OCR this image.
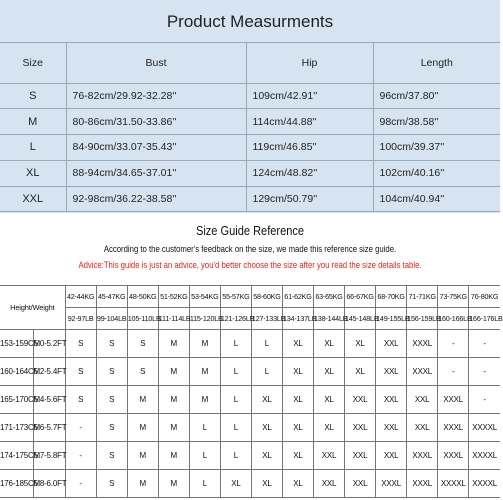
Product Measurments
Size	Bust	Hip	Length
S	76-82cm/29.92-32.28''	109cm/42.91''	96cm/37.80''
M	80-86cm/31.50-33.86''	114cm/44.88''	98cm/38.58''
L	84-90cm/33.07-35.43''	119cm/46.85''	100cm/39.37''
XL	88-94cm/34.65-37.01''	124cm/48.82''	102cm/40.16''
XXL	92-98cm/36.22-38.58''	129cm/50.79''	104cm/40.94''
Size Guide Reference
According to the customer's feedback on the size, we made this reference size guide.
Advice:This guide is just an advice, you'd better choose the size after you read the size details table.
Height/Weight		42-44KG	45-47KG	48-50KG	51-52KG	53-54KG	55-57KG	58-60KG	61-62KG	63-65KG	66-67KG	68-70KG	71-71KG	73-75KG	76-80KG
		92-97LB	99-104LB	105-110LB	111-114LB	115-120LB	121-126LB	127-133LB	134-137LB	138-144LB	145-148LB	149-155LB	156-159LB	160-166LB	166-176LB
153-159CM	5.0-5.2FT	S	S	S	M	M	L	L	XL	XL	XL	XXL	XXXL	-	-
160-164CM	5.2-5.4FT	S	S	S	M	M	L	L	XL	XL	XL	XXL	XXXL	-	-
165-170CM	5.4-5.6FT	S	S	M	M	M	L	XL	XL	XL	XXL	XXL	XXL	XXXL	-
171-173CM	5.6-5.7FT	-	S	M	M	L	L	XL	XL	XL	XXL	XXL	XXL	XXXL	XXXXL
174-175CM	5.7-5.8FT	-	S	M	M	L	L	XL	XL	XXL	XXL	XXL	XXXL	XXXL	XXXXL
176-185CM	5.8-6.0FT	-	S	M	M	L	XL	XL	XL	XXL	XXL	XXXL	XXXL	XXXXL	XXXXL
